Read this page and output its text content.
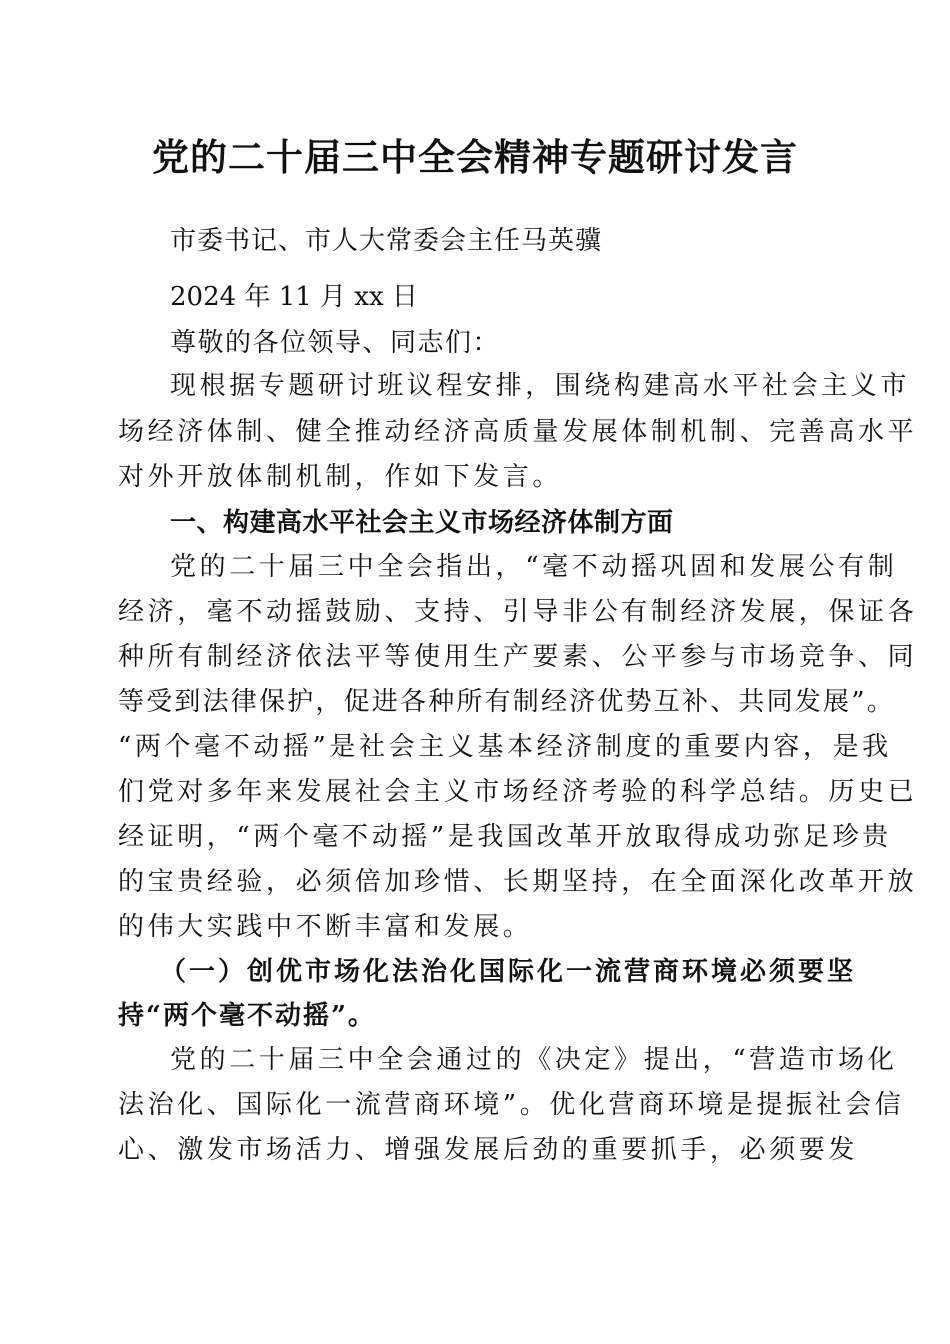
党的二十届三中全会精神专题研讨发言
市委书记、市人大常委会主任马英骥
2024 年 11 月 xx 日
尊敬的各位领导、同志们：
现根据专题研讨班议程安排，围绕构建高水平社会主义市
场经济体制、健全推动经济高质量发展体制机制、完善高水平
对外开放体制机制，作如下发言。
一、构建高水平社会主义市场经济体制方面
党的二十届三中全会指出，“毫不动摇巩固和发展公有制
经济，毫不动摇鼓励、支持、引导非公有制经济发展，保证各
种所有制经济依法平等使用生产要素、公平参与市场竞争、同
等受到法律保护，促进各种所有制经济优势互补、共同发展”。
“两个毫不动摇”是社会主义基本经济制度的重要内容，是我
们党对多年来发展社会主义市场经济考验的科学总结。历史已
经证明，“两个毫不动摇”是我国改革开放取得成功弥足珍贵
的宝贵经验，必须倍加珍惜、长期坚持，在全面深化改革开放
的伟大实践中不断丰富和发展。
（一）创优市场化法治化国际化一流营商环境必须要坚
持“两个毫不动摇”。
党的二十届三中全会通过的《决定》提出，“营造市场化
法治化、国际化一流营商环境”。优化营商环境是提振社会信
心、激发市场活力、增强发展后劲的重要抓手，必须要发
